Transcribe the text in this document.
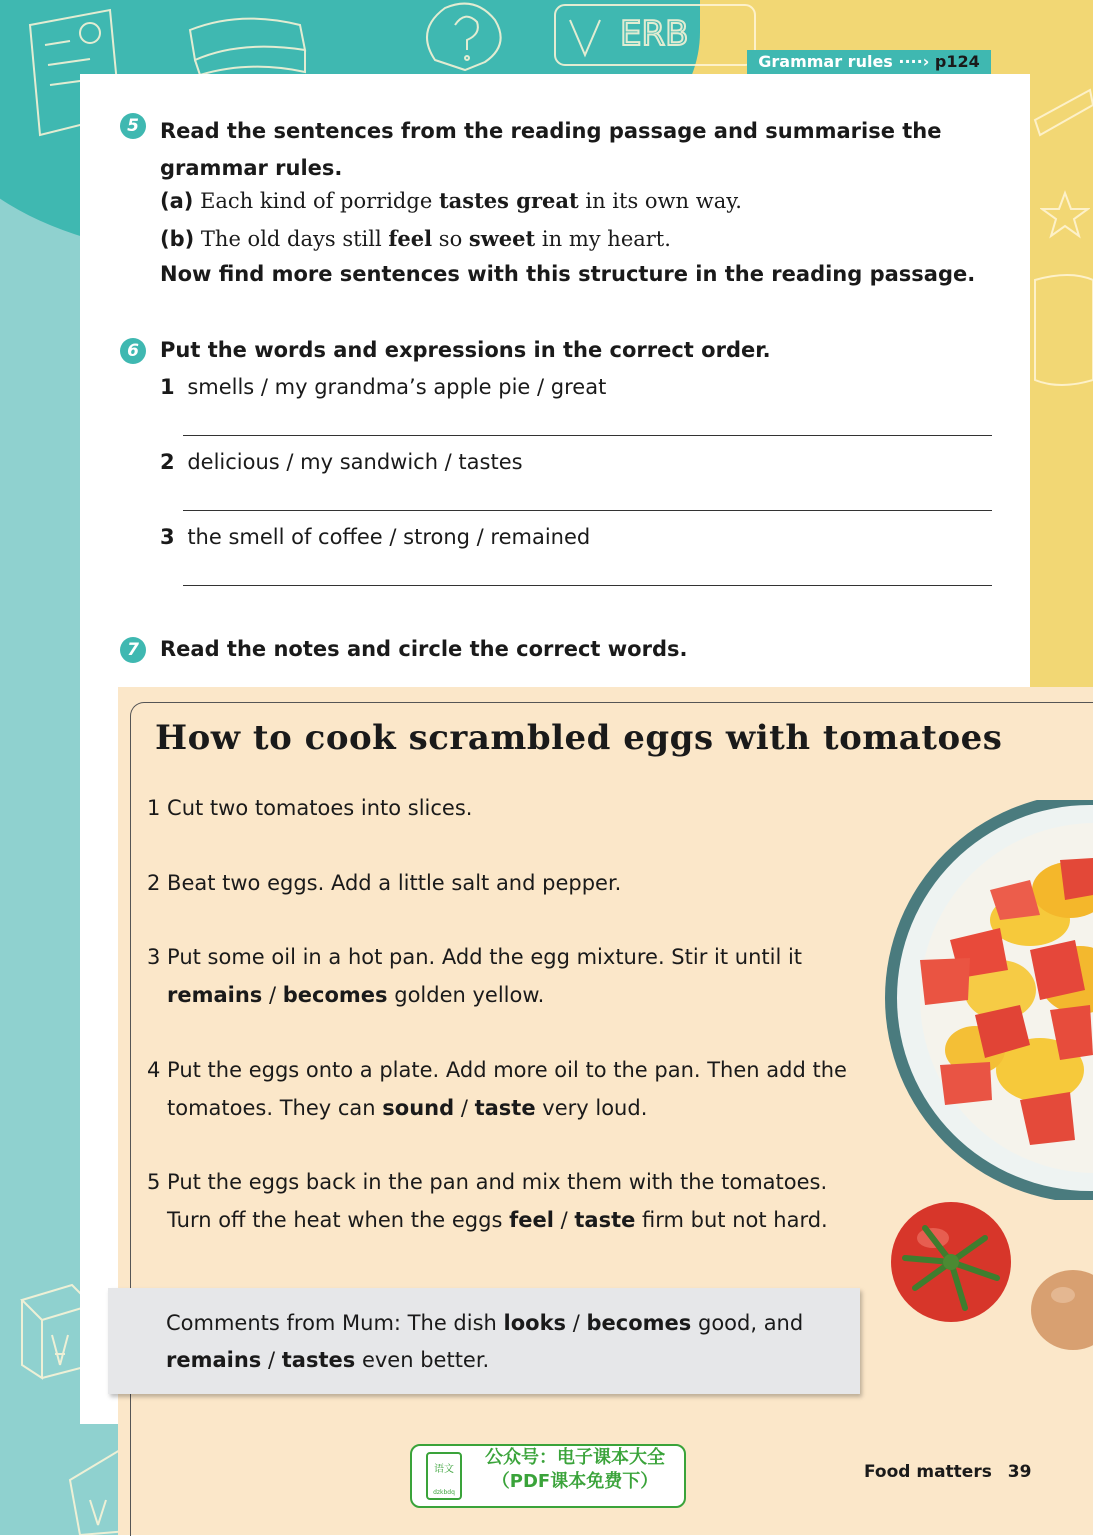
ERB
Grammar rules ····› p124
5	Read the sentences from the reading passage and summarise the
grammar rules.
(a) Each kind of porridge tastes great in its own way.
(b) The old days still feel so sweet in my heart.
Now find more sentences with this structure in the reading passage.
6	Put the words and expressions in the correct order.
1 smells / my grandma’s apple pie / great
2 delicious / my sandwich / tastes
3 the smell of coffee / strong / remained
7	Read the notes and circle the correct words.
How to cook scrambled eggs with tomatoes
1 Cut two tomatoes into slices.
2 Beat two eggs. Add a little salt and pepper.
3 Put some oil in a hot pan. Add the egg mixture. Stir it until it
remains / becomes golden yellow.
4 Put the eggs onto a plate. Add more oil to the pan. Then add the
tomatoes. They can sound / taste very loud.
5 Put the eggs back in the pan and mix them with the tomatoes.
Turn off the heat when the eggs feel / taste firm but not hard.
Comments from Mum: The dish looks / becomes good, and
remains / tastes even better.
语文
dzkbdq
公众号：电子课本大全
（PDF课本免费下）	Food matters 39
